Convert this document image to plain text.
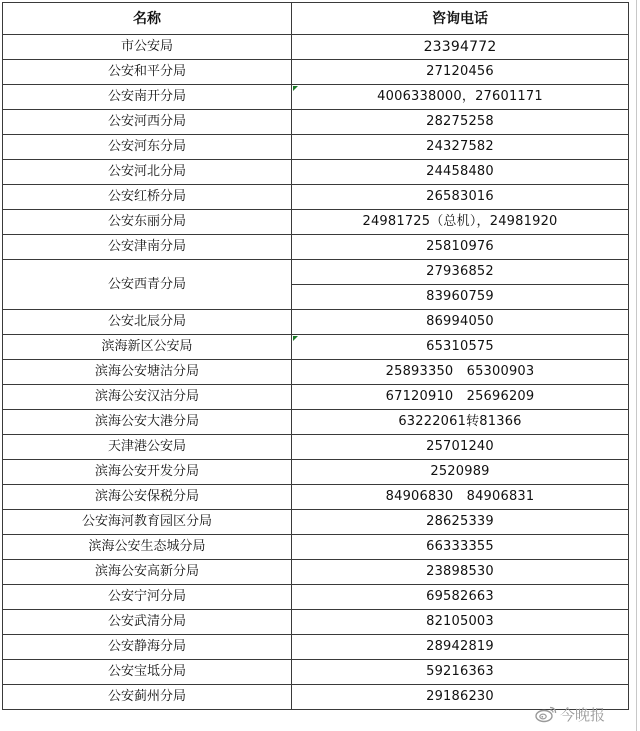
名称	咨询电话
市公安局	23394772
公安和平分局	27120456
公安南开分局	4006338000，27601171
公安河西分局	28275258
公安河东分局	24327582
公安河北分局	24458480
公安红桥分局	26583016
公安东丽分局	24981725（总机），24981920
公安津南分局	25810976
公安西青分局	27936852
	83960759
公安北辰分局	86994050
滨海新区公安局	65310575
滨海公安塘沽分局	25893350　65300903
滨海公安汉沽分局	67120910　25696209
滨海公安大港分局	63222061转81366
天津港公安局	25701240
滨海公安开发分局	2520989
滨海公安保税分局	84906830　84906831
公安海河教育园区分局	28625339
滨海公安生态城分局	66333355
滨海公安高新分局	23898530
公安宁河分局	69582663
公安武清分局	82105003
公安静海分局	28942819
公安宝坻分局	59216363
公安蓟州分局	29186230
今晚报
